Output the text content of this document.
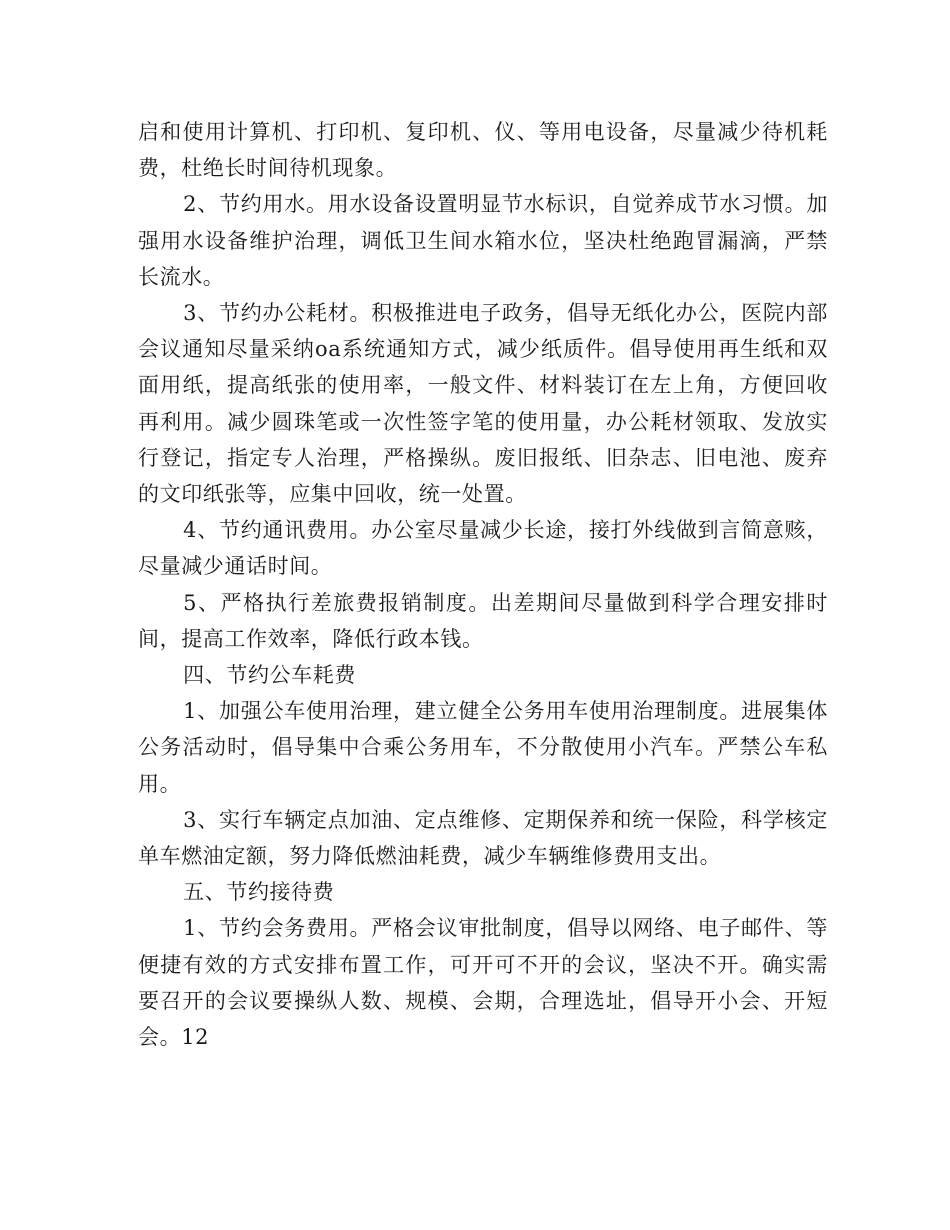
启和使用计算机、打印机、复印机、仪、等用电设备，尽量减少待机耗费，杜绝长时间待机现象。

2、节约用水。用水设备设置明显节水标识，自觉养成节水习惯。加强用水设备维护治理，调低卫生间水箱水位，坚决杜绝跑冒漏滴，严禁长流水。

3、节约办公耗材。积极推进电子政务，倡导无纸化办公，医院内部会议通知尽量采纳oa系统通知方式，减少纸质件。倡导使用再生纸和双面用纸，提高纸张的使用率，一般文件、材料装订在左上角，方便回收再利用。减少圆珠笔或一次性签字笔的使用量，办公耗材领取、发放实行登记，指定专人治理，严格操纵。废旧报纸、旧杂志、旧电池、废弃的文印纸张等，应集中回收，统一处置。

4、节约通讯费用。办公室尽量减少长途，接打外线做到言简意赅，尽量减少通话时间。

5、严格执行差旅费报销制度。出差期间尽量做到科学合理安排时间，提高工作效率，降低行政本钱。

四、节约公车耗费

1、加强公车使用治理，建立健全公务用车使用治理制度。进展集体公务活动时，倡导集中合乘公务用车，不分散使用小汽车。严禁公车私用。

3、实行车辆定点加油、定点维修、定期保养和统一保险，科学核定单车燃油定额，努力降低燃油耗费，减少车辆维修费用支出。

五、节约接待费

1、节约会务费用。严格会议审批制度，倡导以网络、电子邮件、等便捷有效的方式安排布置工作，可开可不开的会议，坚决不开。确实需要召开的会议要操纵人数、规模、会期，合理选址，倡导开小会、开短会。12
